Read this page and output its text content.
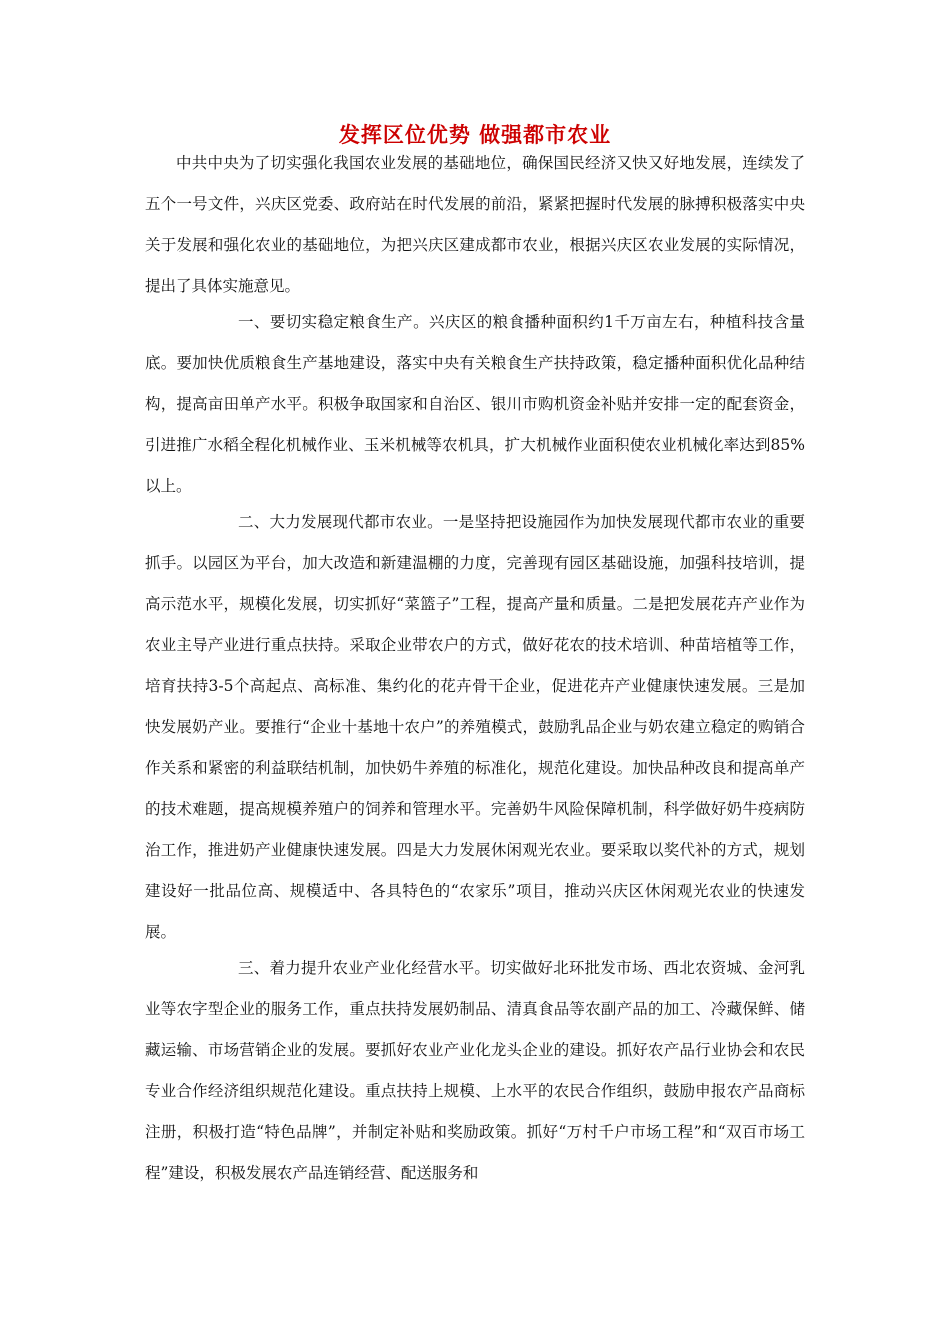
发挥区位优势 做强都市农业

中共中央为了切实强化我国农业发展的基础地位，确保国民经济又快又好地发展，连续发了五个一号文件，兴庆区党委、政府站在时代发展的前沿，紧紧把握时代发展的脉搏积极落实中央关于发展和强化农业的基础地位，为把兴庆区建成都市农业，根据兴庆区农业发展的实际情况，提出了具体实施意见。

一、要切实稳定粮食生产。兴庆区的粮食播种面积约1千万亩左右，种植科技含量底。要加快优质粮食生产基地建设，落实中央有关粮食生产扶持政策，稳定播种面积优化品种结构，提高亩田单产水平。积极争取国家和自治区、银川市购机资金补贴并安排一定的配套资金，引进推广水稻全程化机械作业、玉米机械等农机具，扩大机械作业面积使农业机械化率达到85%以上。

二、大力发展现代都市农业。一是坚持把设施园作为加快发展现代都市农业的重要抓手。以园区为平台，加大改造和新建温棚的力度，完善现有园区基础设施，加强科技培训，提高示范水平，规模化发展，切实抓好“菜篮子”工程，提高产量和质量。二是把发展花卉产业作为农业主导产业进行重点扶持。采取企业带农户的方式，做好花农的技术培训、种苗培植等工作，培育扶持3-5个高起点、高标准、集约化的花卉骨干企业，促进花卉产业健康快速发展。三是加快发展奶产业。要推行“企业十基地十农户”的养殖模式，鼓励乳品企业与奶农建立稳定的购销合作关系和紧密的利益联结机制，加快奶牛养殖的标准化，规范化建设。加快品种改良和提高单产的技术难题，提高规模养殖户的饲养和管理水平。完善奶牛风险保障机制，科学做好奶牛疫病防治工作，推进奶产业健康快速发展。四是大力发展休闲观光农业。要采取以奖代补的方式，规划建设好一批品位高、规模适中、各具特色的“农家乐”项目，推动兴庆区休闲观光农业的快速发展。

三、着力提升农业产业化经营水平。切实做好北环批发市场、西北农资城、金河乳业等农字型企业的服务工作，重点扶持发展奶制品、清真食品等农副产品的加工、冷藏保鲜、储藏运输、市场营销企业的发展。要抓好农业产业化龙头企业的建设。抓好农产品行业协会和农民专业合作经济组织规范化建设。重点扶持上规模、上水平的农民合作组织，鼓励申报农产品商标注册，积极打造“特色品牌”，并制定补贴和奖励政策。抓好“万村千户市场工程”和“双百市场工程”建设，积极发展农产品连销经营、配送服务和
